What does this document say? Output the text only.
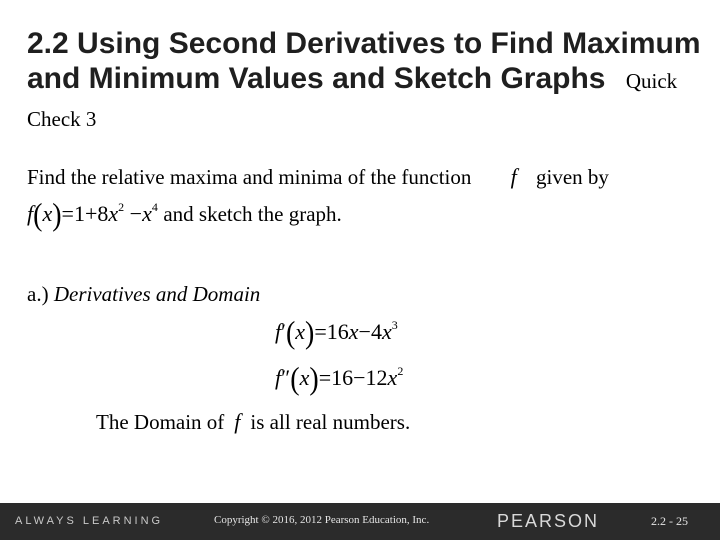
2.2 Using Second Derivatives to Find Maximum and Minimum Values and Sketch Graphs Quick Check 3
Find the relative maxima and minima of the function f given by
$f(x)=1+8x^2 -x^4$ and sketch the graph.
a.) Derivatives and Domain
$f'(x)=16x-4x^3$
$f''(x)=16-12x^2$
The Domain of f is all real numbers.
ALWAYS LEARNING	Copyright © 2016, 2012 Pearson Education, Inc.	PEARSON	2.2 - 25
